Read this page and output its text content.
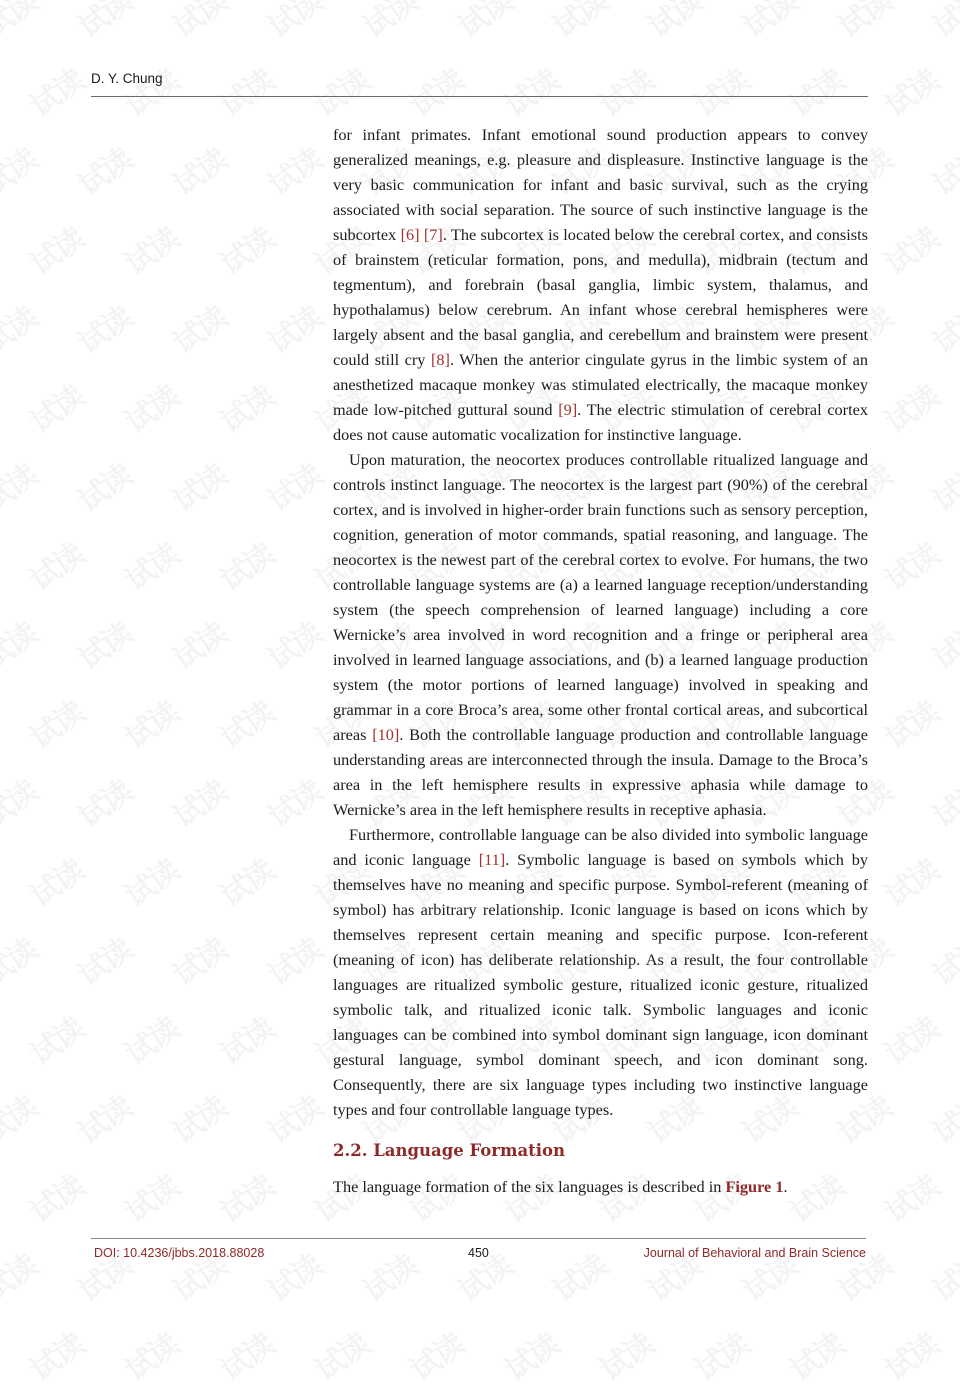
D. Y. Chung

for infant primates. Infant emotional sound production appears to convey generalized meanings, e.g. pleasure and displeasure. Instinctive language is the very basic communication for infant and basic survival, such as the crying associated with social separation. The source of such instinctive language is the subcortex [6] [7]. The subcortex is located below the cerebral cortex, and consists of brainstem (reticular formation, pons, and medulla), midbrain (tectum and tegmentum), and forebrain (basal ganglia, limbic system, thalamus, and hypothalamus) below cerebrum. An infant whose cerebral hemispheres were largely absent and the basal ganglia, and cerebellum and brainstem were present could still cry [8]. When the anterior cingulate gyrus in the limbic system of an anesthetized macaque monkey was stimulated electrically, the macaque monkey made low-pitched guttural sound [9]. The electric stimulation of cerebral cortex does not cause automatic vocalization for instinctive language.

Upon maturation, the neocortex produces controllable ritualized language and controls instinct language. The neocortex is the largest part (90%) of the cerebral cortex, and is involved in higher-order brain functions such as sensory perception, cognition, generation of motor commands, spatial reasoning, and language. The neocortex is the newest part of the cerebral cortex to evolve. For humans, the two controllable language systems are (a) a learned language reception/understanding system (the speech comprehension of learned language) including a core Wernicke’s area involved in word recognition and a fringe or peripheral area involved in learned language associations, and (b) a learned language production system (the motor portions of learned language) involved in speaking and grammar in a core Broca’s area, some other frontal cortical areas, and subcortical areas [10]. Both the controllable language production and controllable language understanding areas are interconnected through the insula. Damage to the Broca’s area in the left hemisphere results in expressive aphasia while damage to Wernicke’s area in the left hemisphere results in receptive aphasia.

Furthermore, controllable language can be also divided into symbolic language and iconic language [11]. Symbolic language is based on symbols which by themselves have no meaning and specific purpose. Symbol-referent (meaning of symbol) has arbitrary relationship. Iconic language is based on icons which by themselves represent certain meaning and specific purpose. Icon-referent (meaning of icon) has deliberate relationship. As a result, the four controllable languages are ritualized symbolic gesture, ritualized iconic gesture, ritualized symbolic talk, and ritualized iconic talk. Symbolic languages and iconic languages can be combined into symbol dominant sign language, icon dominant gestural language, symbol dominant speech, and icon dominant song. Consequently, there are six language types including two instinctive language types and four controllable language types.

2.2. Language Formation

The language formation of the six languages is described in Figure 1.

DOI: 10.4236/jbbs.2018.88028	450	Journal of Behavioral and Brain Science
